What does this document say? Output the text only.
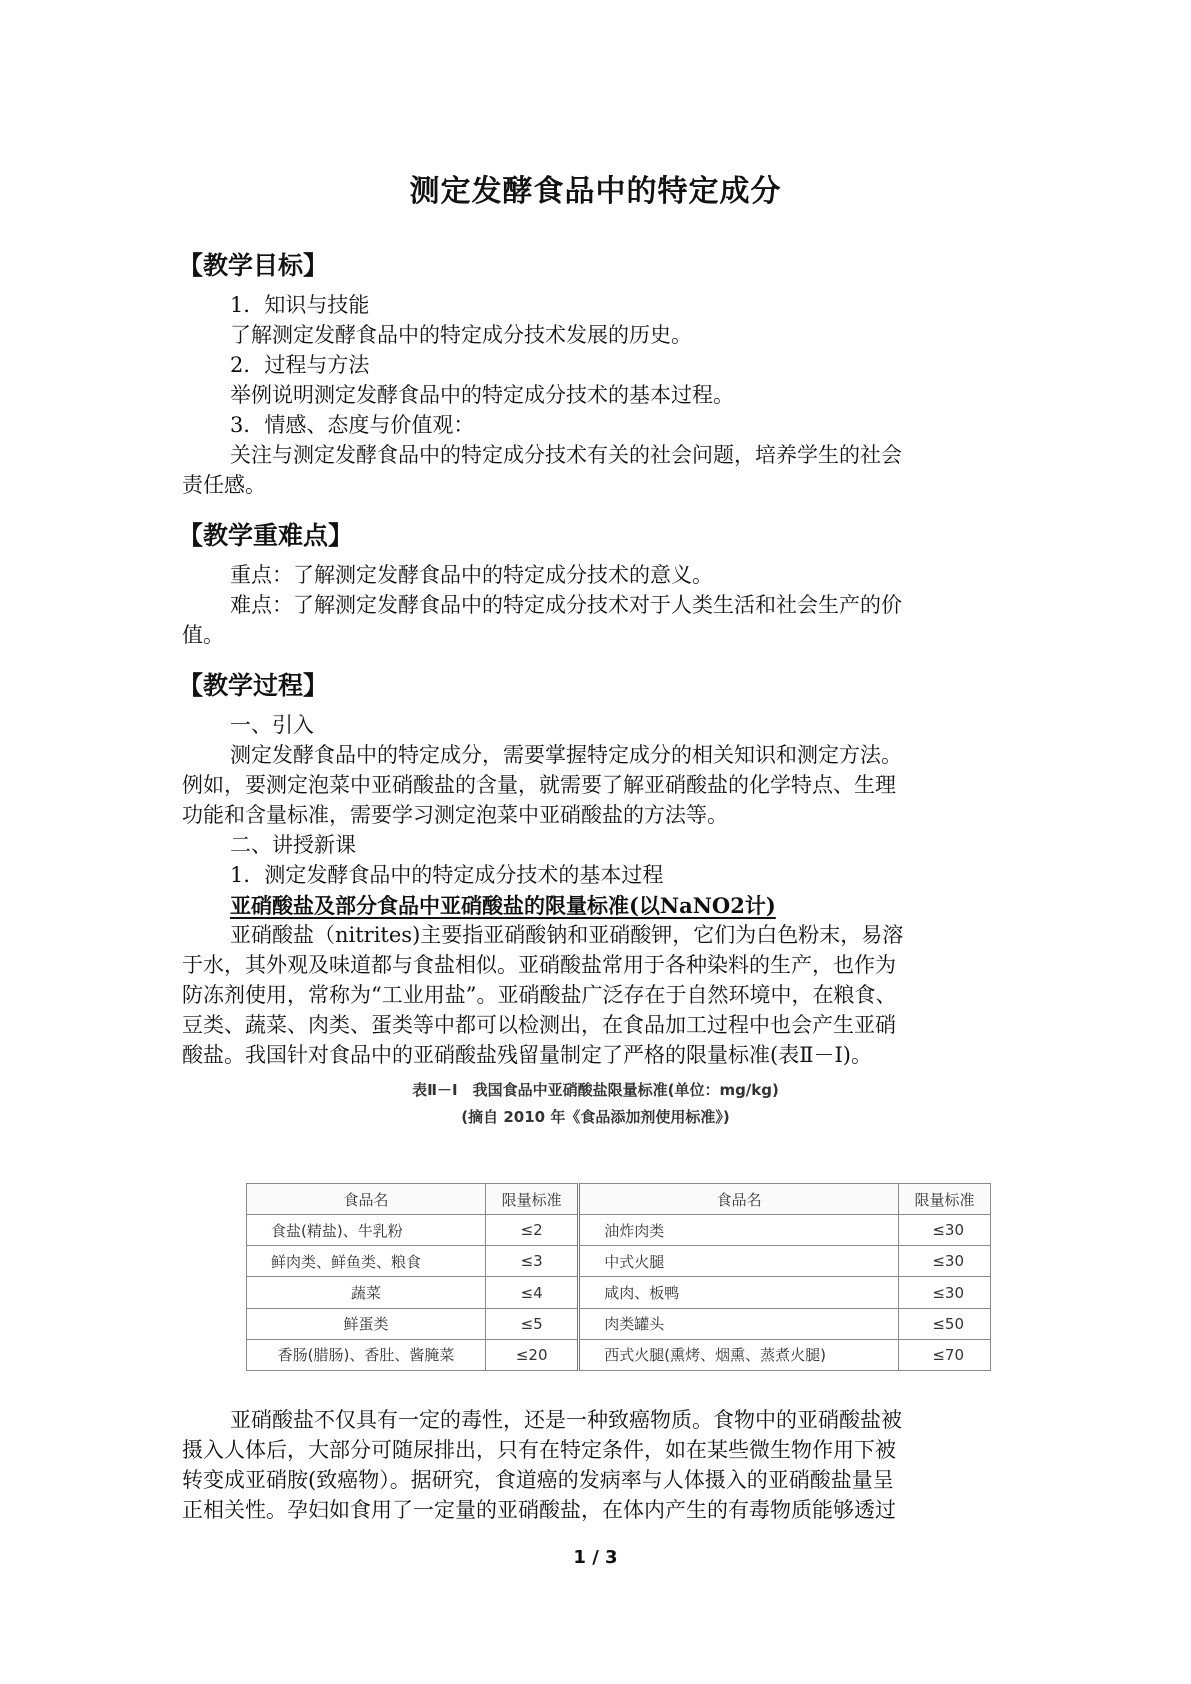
测定发酵食品中的特定成分
【教学目标】
1．知识与技能
了解测定发酵食品中的特定成分技术发展的历史。
2．过程与方法
举例说明测定发酵食品中的特定成分技术的基本过程。
3．情感、态度与价值观：
关注与测定发酵食品中的特定成分技术有关的社会问题，培养学生的社会
责任感。
【教学重难点】
重点：了解测定发酵食品中的特定成分技术的意义。
难点：了解测定发酵食品中的特定成分技术对于人类生活和社会生产的价
值。
【教学过程】
一、引入
测定发酵食品中的特定成分，需要掌握特定成分的相关知识和测定方法。
例如，要测定泡菜中亚硝酸盐的含量，就需要了解亚硝酸盐的化学特点、生理
功能和含量标准，需要学习测定泡菜中亚硝酸盐的方法等。
二、讲授新课
1．测定发酵食品中的特定成分技术的基本过程
亚硝酸盐及部分食品中亚硝酸盐的限量标准(以NaNO2计)
亚硝酸盐（nitrites)主要指亚硝酸钠和亚硝酸钾，它们为白色粉末，易溶
于水，其外观及味道都与食盐相似。亚硝酸盐常用于各种染料的生产，也作为
防冻剂使用，常称为“工业用盐”。亚硝酸盐广泛存在于自然环境中，在粮食、
豆类、蔬菜、肉类、蛋类等中都可以检测出，在食品加工过程中也会产生亚硝
酸盐。我国针对食品中的亚硝酸盐残留量制定了严格的限量标准(表Ⅱ－Ⅰ)。
表Ⅱ－Ⅰ　我国食品中亚硝酸盐限量标准(单位：mg/kg)
(摘自 2010 年《食品添加剂使用标准》)
食品名	限量标准	食品名	限量标准
食盐(精盐)、牛乳粉	≤2	油炸肉类	≤30
鲜肉类、鲜鱼类、粮食	≤3	中式火腿	≤30
蔬菜	≤4	咸肉、板鸭	≤30
鲜蛋类	≤5	肉类罐头	≤50
香肠(腊肠)、香肚、酱腌菜	≤20	西式火腿(熏烤、烟熏、蒸煮火腿)	≤70
亚硝酸盐不仅具有一定的毒性，还是一种致癌物质。食物中的亚硝酸盐被
摄入人体后，大部分可随尿排出，只有在特定条件，如在某些微生物作用下被
转变成亚硝胺(致癌物）。据研究，食道癌的发病率与人体摄入的亚硝酸盐量呈
正相关性。孕妇如食用了一定量的亚硝酸盐，在体内产生的有毒物质能够透过
1 / 3
